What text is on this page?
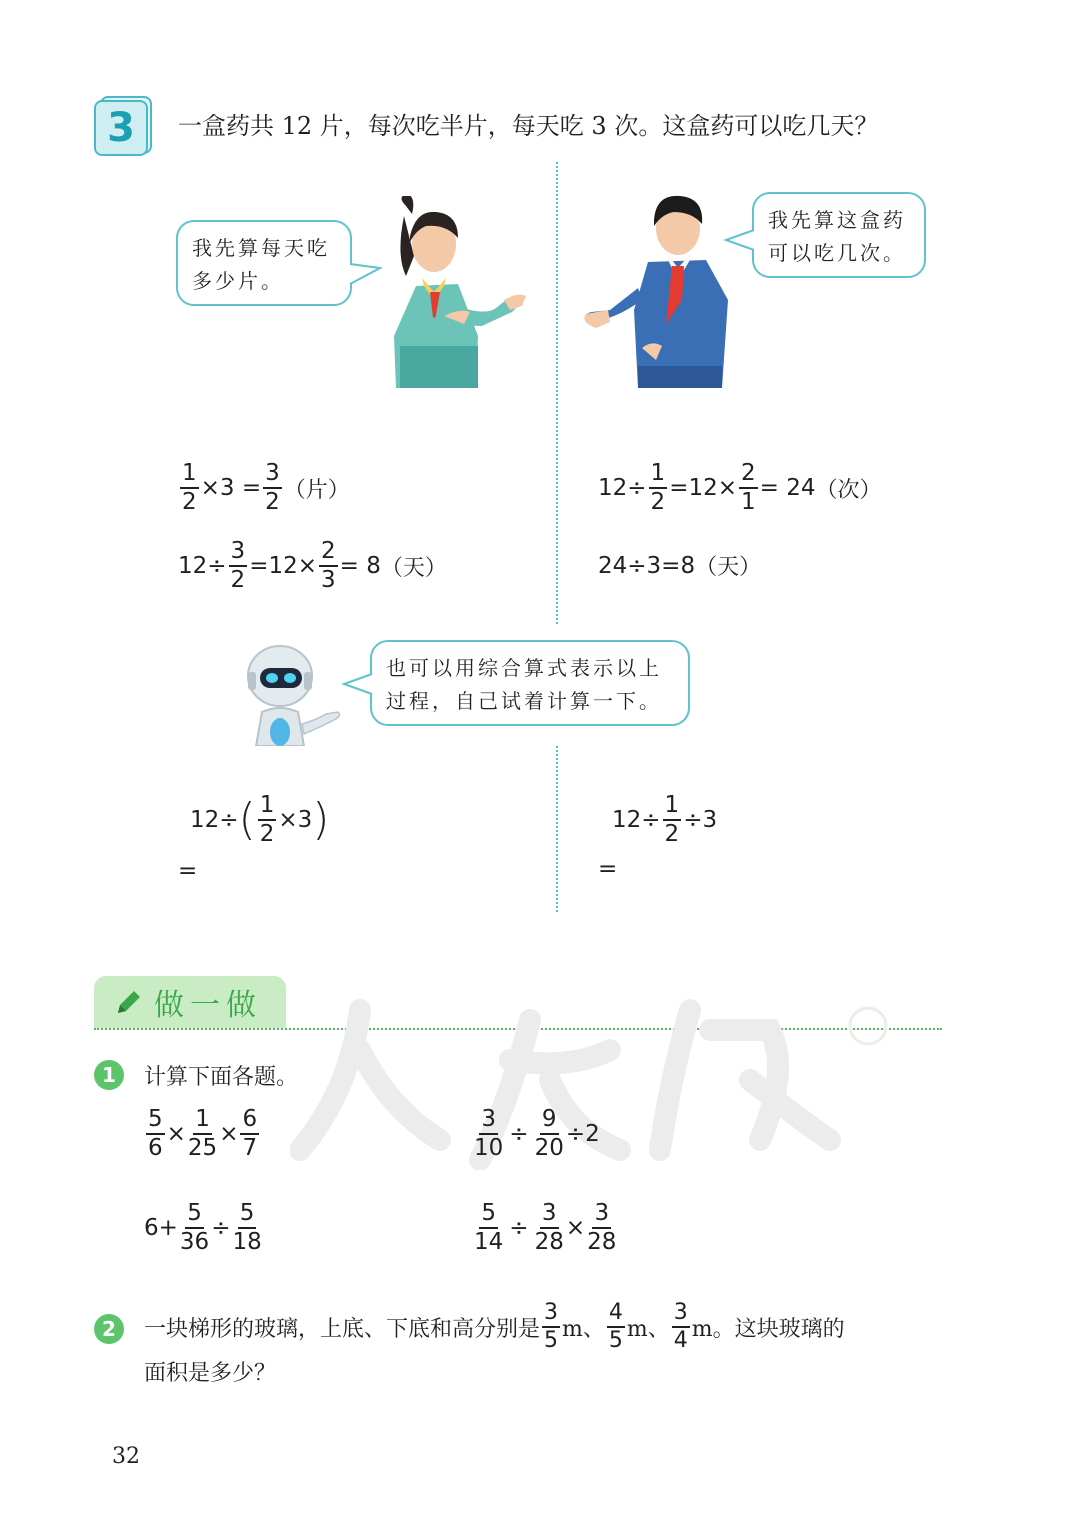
3	一盒药共 12 片，每次吃半片，每天吃 3 次。这盒药可以吃几天？
我先算每天吃
多少片。
我先算这盒药
可以吃几次。
$\frac{1}{2} \times 3 = \frac{3}{2}$ （片）
$12\div \frac{3}{2} =12\times \frac{2}{3} = 8$ （天）
$12\div \frac{1}{2} =12\times \frac{2}{1} = 24$ （次）
24÷3=8 （天）
也可以用综合算式表示以上
过程，自己试着计算一下。
12÷ ( $\frac{1}{2} \times 3$ )
=
$12\div \frac{1}{2} \div 3$
=
做一做
1	计算下面各题。
$\frac{5}{6} \times \frac{1}{25} \times \frac{6}{7}$	$\frac{3}{10} \div \frac{9}{20} \div 2$
$6+ \frac{5}{36} \div \frac{5}{18}$	$\frac{5}{14} \div \frac{3}{28} \times \frac{3}{28}$
2	一块梯形的玻璃，上底、下底和高分别是 $\frac{3}{5}$ m、 $\frac{4}{5}$ m、 $\frac{3}{4}$ m。这块玻璃的
面积是多少？
32
